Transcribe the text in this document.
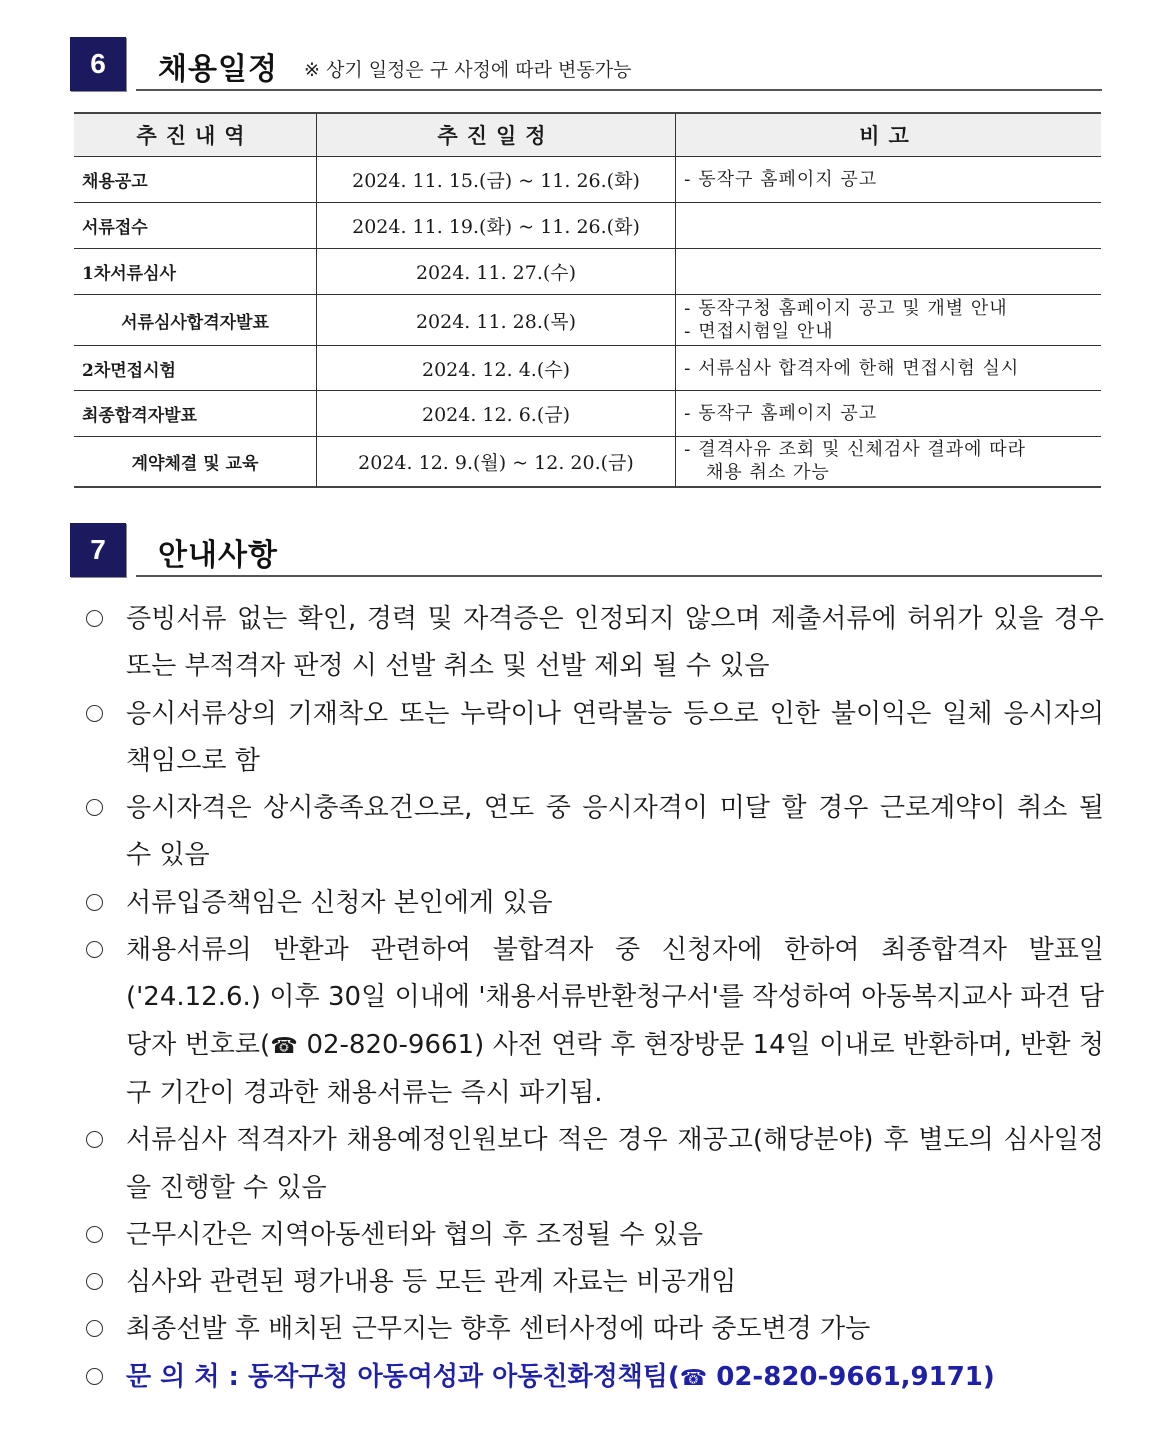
6	채용일정 ※ 상기 일정은 구 사정에 따라 변동가능
추진내역	추진일정	비고
채용공고	2024. 11. 15.(금) ~ 11. 26.(화)	- 동작구 홈페이지 공고

서류접수	2024. 11. 19.(화) ~ 11. 26.(화)	
1차서류심사	2024. 11. 27.(수)	
서류심사합격자발표	2024. 11. 28.(목)	- 동작구청 홈페이지 공고 및 개별 안내
- 면접시험일 안내

2차면접시험	2024. 12. 4.(수)	- 서류심사 합격자에 한해 면접시험 실시

최종합격자발표	2024. 12. 6.(금)	- 동작구 홈페이지 공고

계약체결 및 교육	2024. 12. 9.(월) ~ 12. 20.(금)	- 결격사유 조회 및 신체검사 결과에 따라
채용 취소 가능
7	안내사항
증빙서류 없는 확인, 경력 및 자격증은 인정되지 않으며 제출서류에 허위가 있을 경우 또는 부적격자 판정 시 선발 취소 및 선발 제외 될 수 있음
응시서류상의 기재착오 또는 누락이나 연락불능 등으로 인한 불이익은 일체 응시자의 책임으로 함
응시자격은 상시충족요건으로, 연도 중 응시자격이 미달 할 경우 근로계약이 취소 될 수 있음
서류입증책임은 신청자 본인에게 있음
채용서류의 반환과 관련하여 불합격자 중 신청자에 한하여 최종합격자 발표일('24.12.6.) 이후 30일 이내에 '채용서류반환청구서'를 작성하여 아동복지교사 파견 담당자 번호로(☎ 02-820-9661) 사전 연락 후 현장방문 14일 이내로 반환하며, 반환 청구 기간이 경과한 채용서류는 즉시 파기됨.
서류심사 적격자가 채용예정인원보다 적은 경우 재공고(해당분야) 후 별도의 심사일정을 진행할 수 있음
근무시간은 지역아동센터와 협의 후 조정될 수 있음
심사와 관련된 평가내용 등 모든 관계 자료는 비공개임
최종선발 후 배치된 근무지는 향후 센터사정에 따라 중도변경 가능
문 의 처 : 동작구청 아동여성과 아동친화정책팀(☎ 02-820-9661,9171)
